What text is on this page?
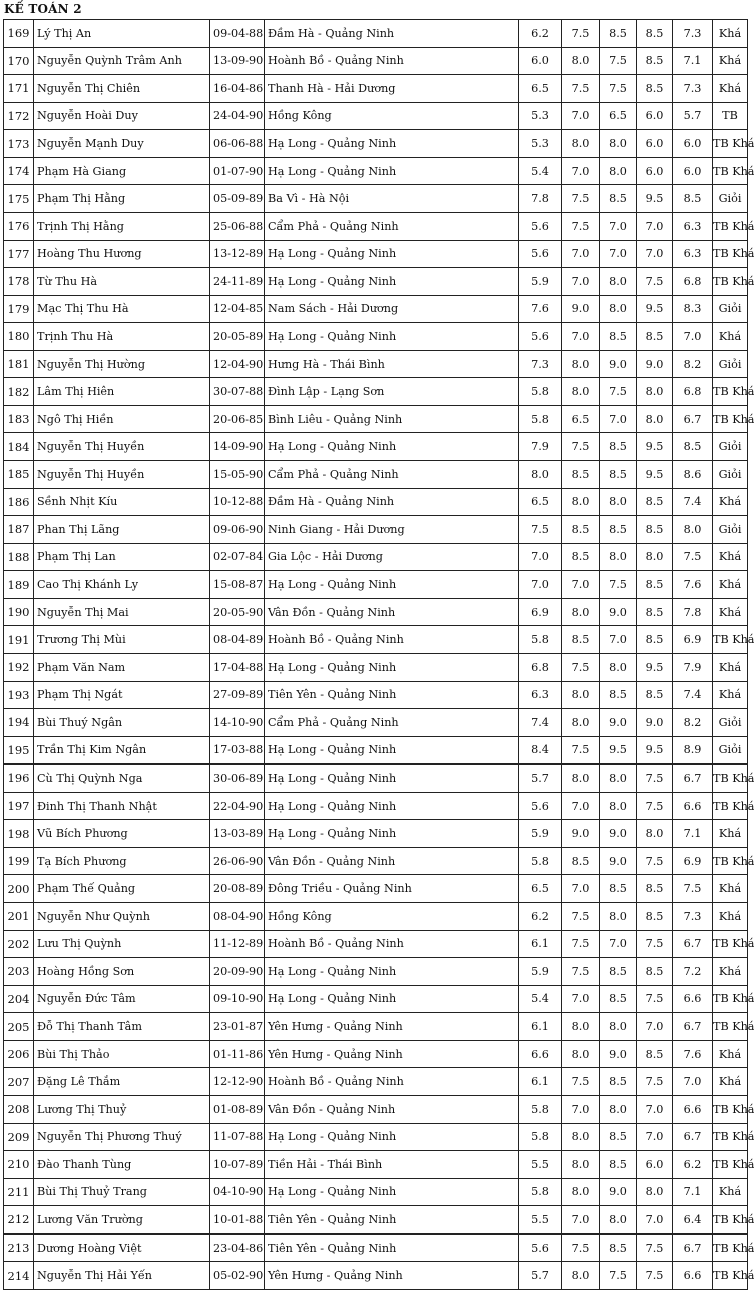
KẾ TOÁN 2
169	Lý Thị An	09-04-88	Đầm Hà - Quảng Ninh	6.2	7.5	8.5	8.5	7.3	Khá
170	Nguyễn Quỳnh Trâm Anh	13-09-90	Hoành Bồ - Quảng Ninh	6.0	8.0	7.5	8.5	7.1	Khá
171	Nguyễn Thị Chiên	16-04-86	Thanh Hà - Hải Dương	6.5	7.5	7.5	8.5	7.3	Khá
172	Nguyễn Hoài Duy	24-04-90	Hồng Kông	5.3	7.0	6.5	6.0	5.7	TB
173	Nguyễn Mạnh Duy	06-06-88	Hạ Long - Quảng Ninh	5.3	8.0	8.0	6.0	6.0	TB Khá
174	Phạm Hà Giang	01-07-90	Hạ Long - Quảng Ninh	5.4	7.0	8.0	6.0	6.0	TB Khá
175	Phạm Thị Hằng	05-09-89	Ba Vì - Hà Nội	7.8	7.5	8.5	9.5	8.5	Giỏi
176	Trịnh Thị Hằng	25-06-88	Cẩm Phả - Quảng Ninh	5.6	7.5	7.0	7.0	6.3	TB Khá
177	Hoàng Thu Hương	13-12-89	Hạ Long - Quảng Ninh	5.6	7.0	7.0	7.0	6.3	TB Khá
178	Từ Thu Hà	24-11-89	Hạ Long - Quảng Ninh	5.9	7.0	8.0	7.5	6.8	TB Khá
179	Mạc Thị Thu Hà	12-04-85	Nam Sách - Hải Dương	7.6	9.0	8.0	9.5	8.3	Giỏi
180	Trịnh Thu Hà	20-05-89	Hạ Long - Quảng Ninh	5.6	7.0	8.5	8.5	7.0	Khá
181	Nguyễn Thị Hường	12-04-90	Hưng Hà - Thái Bình	7.3	8.0	9.0	9.0	8.2	Giỏi
182	Lâm Thị Hiên	30-07-88	Đình Lập - Lạng Sơn	5.8	8.0	7.5	8.0	6.8	TB Khá
183	Ngô Thị Hiền	20-06-85	Bình Liêu - Quảng Ninh	5.8	6.5	7.0	8.0	6.7	TB Khá
184	Nguyễn Thị Huyền	14-09-90	Hạ Long - Quảng Ninh	7.9	7.5	8.5	9.5	8.5	Giỏi
185	Nguyễn Thị Huyền	15-05-90	Cẩm Phả - Quảng Ninh	8.0	8.5	8.5	9.5	8.6	Giỏi
186	Sềnh Nhịt Kíu	10-12-88	Đầm Hà - Quảng Ninh	6.5	8.0	8.0	8.5	7.4	Khá
187	Phan Thị Lãng	09-06-90	Ninh Giang - Hải Dương	7.5	8.5	8.5	8.5	8.0	Giỏi
188	Phạm Thị Lan	02-07-84	Gia Lộc - Hải Dương	7.0	8.5	8.0	8.0	7.5	Khá
189	Cao Thị Khánh Ly	15-08-87	Hạ Long - Quảng Ninh	7.0	7.0	7.5	8.5	7.6	Khá
190	Nguyễn Thị Mai	20-05-90	Vân Đồn - Quảng Ninh	6.9	8.0	9.0	8.5	7.8	Khá
191	Trương Thị Mùi	08-04-89	Hoành Bồ - Quảng Ninh	5.8	8.5	7.0	8.5	6.9	TB Khá
192	Phạm Văn Nam	17-04-88	Hạ Long - Quảng Ninh	6.8	7.5	8.0	9.5	7.9	Khá
193	Phạm Thị Ngát	27-09-89	Tiên Yên - Quảng Ninh	6.3	8.0	8.5	8.5	7.4	Khá
194	Bùi Thuý Ngân	14-10-90	Cẩm Phả - Quảng Ninh	7.4	8.0	9.0	9.0	8.2	Giỏi
195	Trần Thị Kim Ngân	17-03-88	Hạ Long - Quảng Ninh	8.4	7.5	9.5	9.5	8.9	Giỏi
196	Cù Thị Quỳnh Nga	30-06-89	Hạ Long - Quảng Ninh	5.7	8.0	8.0	7.5	6.7	TB Khá
197	Đinh Thị Thanh Nhật	22-04-90	Hạ Long - Quảng Ninh	5.6	7.0	8.0	7.5	6.6	TB Khá
198	Vũ Bích Phương	13-03-89	Hạ Long - Quảng Ninh	5.9	9.0	9.0	8.0	7.1	Khá
199	Tạ Bích Phương	26-06-90	Vân Đồn - Quảng Ninh	5.8	8.5	9.0	7.5	6.9	TB Khá
200	Phạm Thế Quảng	20-08-89	Đông Triều - Quảng Ninh	6.5	7.0	8.5	8.5	7.5	Khá
201	Nguyễn Như Quỳnh	08-04-90	Hồng Kông	6.2	7.5	8.0	8.5	7.3	Khá
202	Lưu Thị Quỳnh	11-12-89	Hoành Bồ - Quảng Ninh	6.1	7.5	7.0	7.5	6.7	TB Khá
203	Hoàng Hồng Sơn	20-09-90	Hạ Long - Quảng Ninh	5.9	7.5	8.5	8.5	7.2	Khá
204	Nguyễn Đức Tâm	09-10-90	Hạ Long - Quảng Ninh	5.4	7.0	8.5	7.5	6.6	TB Khá
205	Đỗ Thị Thanh Tâm	23-01-87	Yên Hưng - Quảng Ninh	6.1	8.0	8.0	7.0	6.7	TB Khá
206	Bùi Thị Thảo	01-11-86	Yên Hưng - Quảng Ninh	6.6	8.0	9.0	8.5	7.6	Khá
207	Đặng Lê Thắm	12-12-90	Hoành Bồ - Quảng Ninh	6.1	7.5	8.5	7.5	7.0	Khá
208	Lương Thị Thuỷ	01-08-89	Vân Đồn - Quảng Ninh	5.8	7.0	8.0	7.0	6.6	TB Khá
209	Nguyễn Thị Phương Thuý	11-07-88	Hạ Long - Quảng Ninh	5.8	8.0	8.5	7.0	6.7	TB Khá
210	Đào Thanh Tùng	10-07-89	Tiền Hải - Thái Bình	5.5	8.0	8.5	6.0	6.2	TB Khá
211	Bùi Thị Thuỷ Trang	04-10-90	Hạ Long - Quảng Ninh	5.8	8.0	9.0	8.0	7.1	Khá
212	Lương Văn Trường	10-01-88	Tiên Yên - Quảng Ninh	5.5	7.0	8.0	7.0	6.4	TB Khá
213	Dương Hoàng Việt	23-04-86	Tiên Yên - Quảng Ninh	5.6	7.5	8.5	7.5	6.7	TB Khá
214	Nguyễn Thị Hải Yến	05-02-90	Yên Hưng - Quảng Ninh	5.7	8.0	7.5	7.5	6.6	TB Khá
